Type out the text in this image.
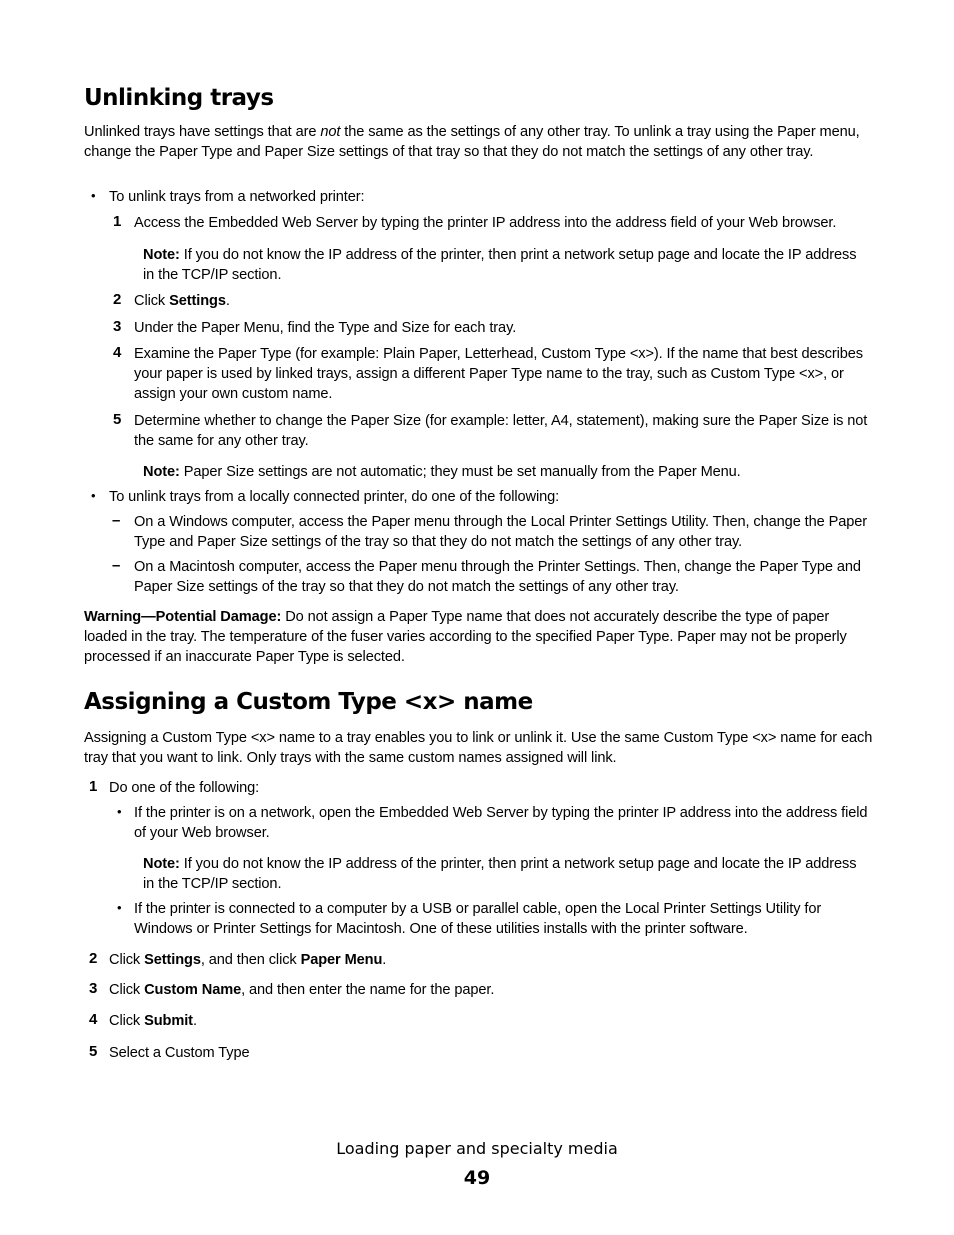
Unlinking trays

Unlinked trays have settings that are not the same as the settings of any other tray. To unlink a tray using the Paper menu, change the Paper Type and Paper Size settings of that tray so that they do not match the settings of any other tray.

• To unlink trays from a networked printer:

1 Access the Embedded Web Server by typing the printer IP address into the address field of your Web browser.

Note: If you do not know the IP address of the printer, then print a network setup page and locate the IP address in the TCP/IP section.

2 Click Settings.

3 Under the Paper Menu, find the Type and Size for each tray.

4 Examine the Paper Type (for example: Plain Paper, Letterhead, Custom Type <x>). If the name that best describes your paper is used by linked trays, assign a different Paper Type name to the tray, such as Custom Type <x>, or assign your own custom name.

5 Determine whether to change the Paper Size (for example: letter, A4, statement), making sure the Paper Size is not the same for any other tray.

Note: Paper Size settings are not automatic; they must be set manually from the Paper Menu.

• To unlink trays from a locally connected printer, do one of the following:

– On a Windows computer, access the Paper menu through the Local Printer Settings Utility. Then, change the Paper Type and Paper Size settings of the tray so that they do not match the settings of any other tray.

– On a Macintosh computer, access the Paper menu through the Printer Settings. Then, change the Paper Type and Paper Size settings of the tray so that they do not match the settings of any other tray.

Warning—Potential Damage: Do not assign a Paper Type name that does not accurately describe the type of paper loaded in the tray. The temperature of the fuser varies according to the specified Paper Type. Paper may not be properly processed if an inaccurate Paper Type is selected.

Assigning a Custom Type <x> name

Assigning a Custom Type <x> name to a tray enables you to link or unlink it. Use the same Custom Type <x> name for each tray that you want to link. Only trays with the same custom names assigned will link.

1 Do one of the following:

• If the printer is on a network, open the Embedded Web Server by typing the printer IP address into the address field of your Web browser.

Note: If you do not know the IP address of the printer, then print a network setup page and locate the IP address in the TCP/IP section.

• If the printer is connected to a computer by a USB or parallel cable, open the Local Printer Settings Utility for Windows or Printer Settings for Macintosh. One of these utilities installs with the printer software.

2 Click Settings, and then click Paper Menu.

3 Click Custom Name, and then enter the name for the paper.

4 Click Submit.

5 Select a Custom Type

Loading paper and specialty media
49
